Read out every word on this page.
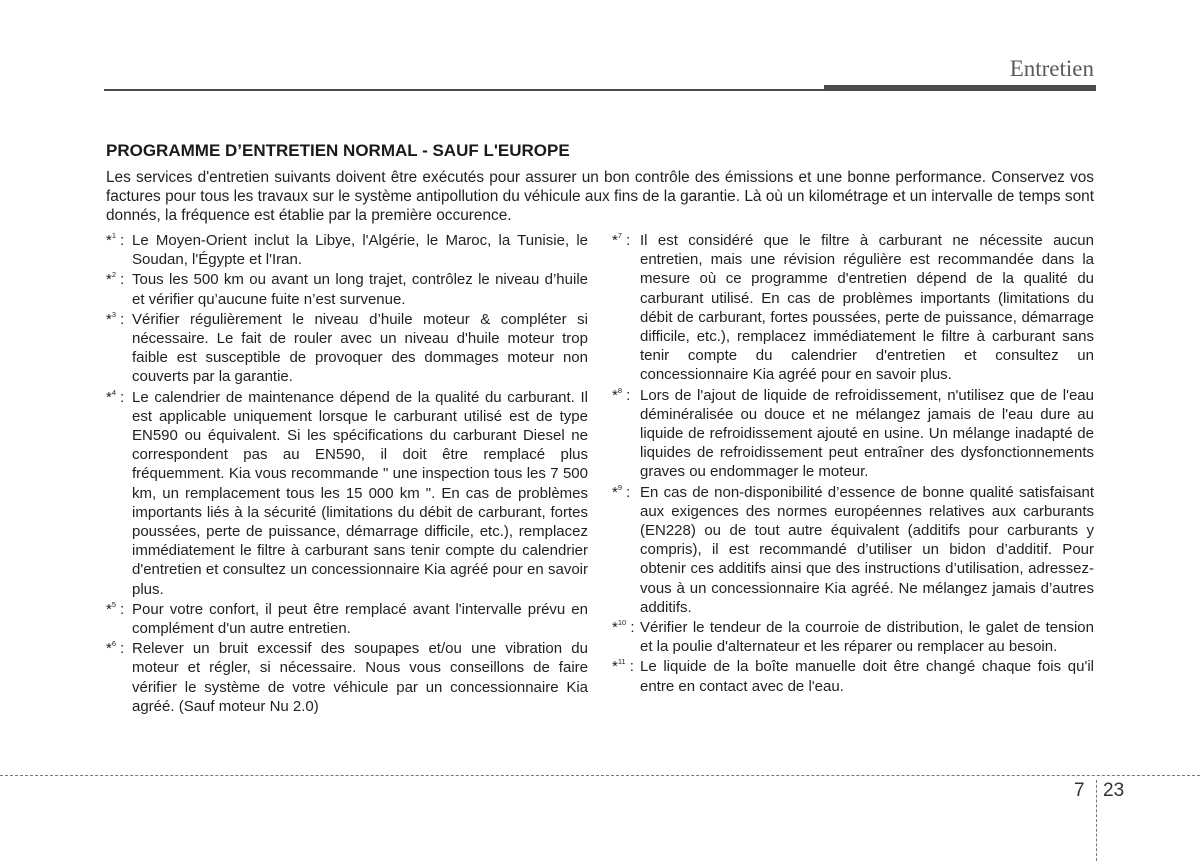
Entretien
PROGRAMME D’ENTRETIEN NORMAL - SAUF L'EUROPE

Les services d'entretien suivants doivent être exécutés pour assurer un bon contrôle des émissions et une bonne performance. Conservez vos factures pour tous les travaux sur le système antipollution du véhicule aux fins de la garantie. Là où un kilométrage et un intervalle de temps sont donnés, la fréquence est établie par la première occurence.

*$^1$ : Le Moyen-Orient inclut la Libye, l'Algérie, le Maroc, la Tunisie, le Soudan, l'Égypte et l'Iran.

*$^2$ : Tous les 500 km ou avant un long trajet, contrôlez le niveau d’huile et vérifier qu’aucune fuite n’est survenue.

*$^3$ : Vérifier régulièrement le niveau d’huile moteur & compléter si nécessaire. Le fait de rouler avec un niveau d'huile moteur trop faible est susceptible de provoquer des dommages moteur non couverts par la garantie.

*$^4$ : Le calendrier de maintenance dépend de la qualité du carburant. Il est applicable uniquement lorsque le carburant utilisé est de type EN590 ou équivalent. Si les spécifications du carburant Diesel ne correspondent pas au EN590, il doit être remplacé plus fréquemment. Kia vous recommande " une inspection tous les 7 500 km, un remplacement tous les 15 000 km ". En cas de problèmes importants liés à la sécurité (limitations du débit de carburant, fortes poussées, perte de puissance, démarrage difficile, etc.), remplacez immédiatement le filtre à carburant sans tenir compte du calendrier d'entretien et consultez un concessionnaire Kia agréé pour en savoir plus.

*$^5$ : Pour votre confort, il peut être remplacé avant l'intervalle prévu en complément d'un autre entretien.

*$^6$ : Relever un bruit excessif des soupapes et/ou une vibration du moteur et régler, si nécessaire. Nous vous conseillons de faire vérifier le système de votre véhicule par un concessionnaire Kia agréé. (Sauf moteur Nu 2.0)

*$^7$ : Il est considéré que le filtre à carburant ne nécessite aucun entretien, mais une révision régulière est recommandée dans la mesure où ce programme d'entretien dépend de la qualité du carburant utilisé. En cas de problèmes importants (limitations du débit de carburant, fortes poussées, perte de puissance, démarrage difficile, etc.), remplacez immédiatement le filtre à carburant sans tenir compte du calendrier d'entretien et consultez un concessionnaire Kia agréé pour en savoir plus.

*$^8$ : Lors de l'ajout de liquide de refroidissement, n'utilisez que de l'eau déminéralisée ou douce et ne mélangez jamais de l'eau dure au liquide de refroidissement ajouté en usine. Un mélange inadapté de liquides de refroidissement peut entraîner des dysfonctionnements graves ou endommager le moteur.

*$^9$ : En cas de non-disponibilité d’essence de bonne qualité satisfaisant aux exigences des normes européennes relatives aux carburants (EN228) ou de tout autre équivalent (additifs pour carburants y compris), il est recommandé d’utiliser un bidon d’additif. Pour obtenir ces additifs ainsi que des instructions d’utilisation, adressez-vous à un concessionnaire Kia agréé. Ne mélangez jamais d’autres additifs.

*$^{10}$ : Vérifier le tendeur de la courroie de distribution, le galet de tension et la poulie d'alternateur et les réparer ou remplacer au besoin.

*$^{11}$ : Le liquide de la boîte manuelle doit être changé chaque fois qu'il entre en contact avec de l'eau.

7 23
